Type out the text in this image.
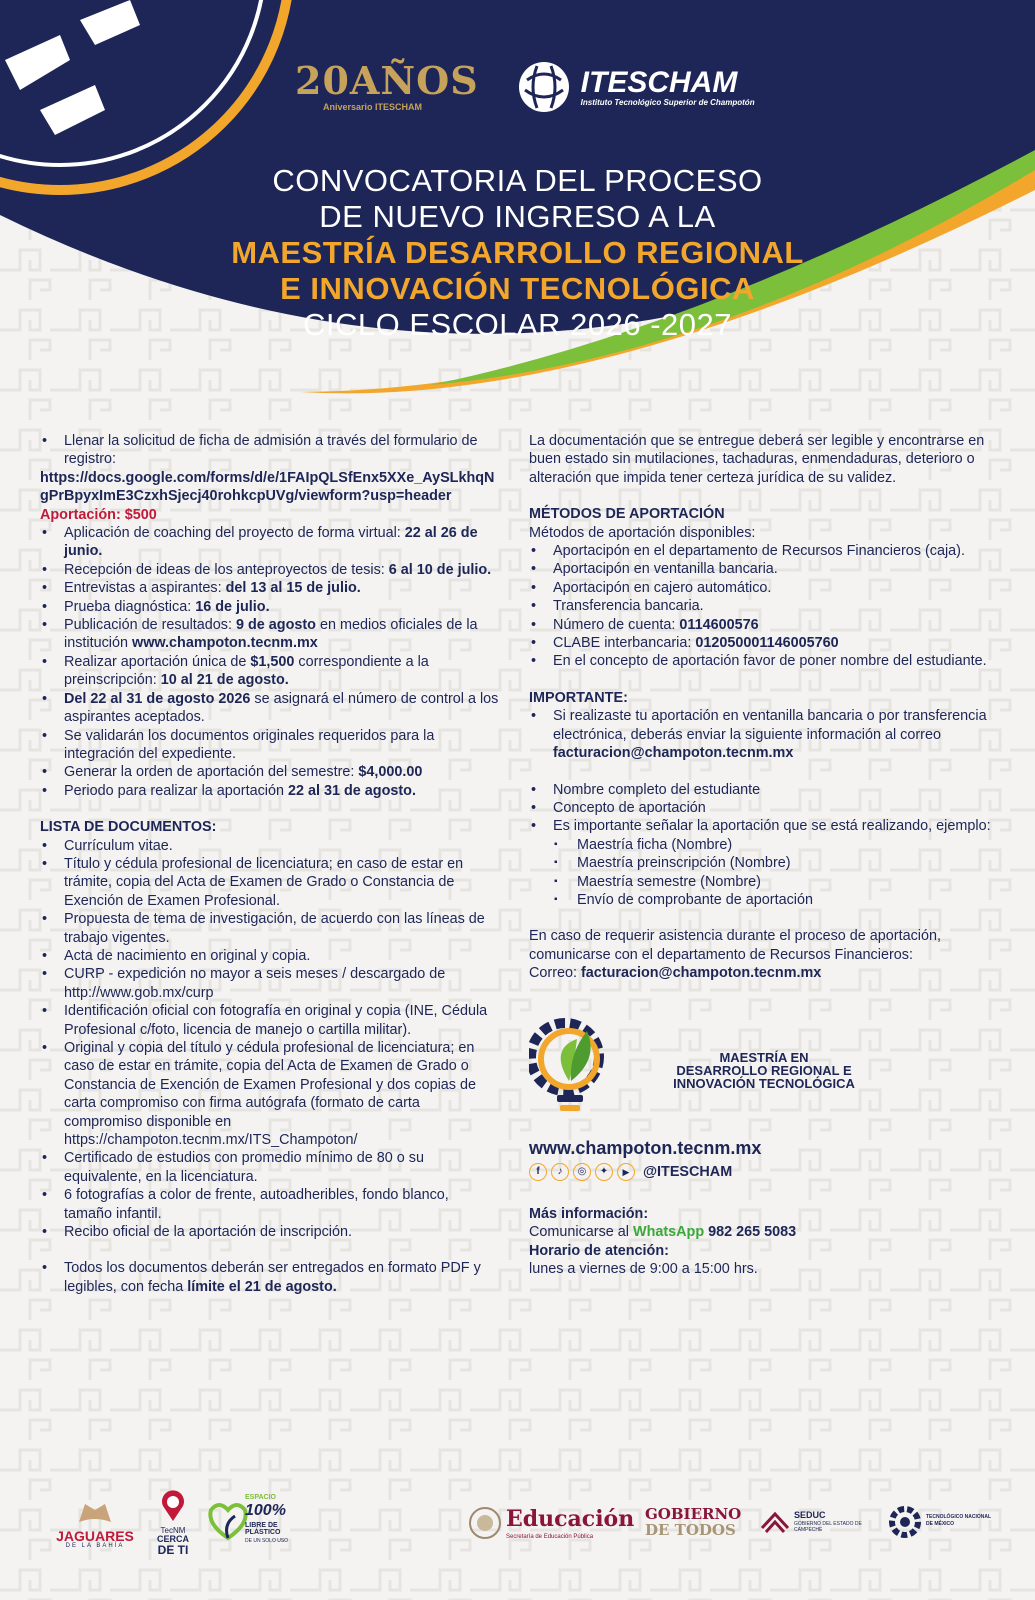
20AÑOS
Aniversario ITESCHAM
ITESCHAM
Instituto Tecnológico Superior de Champotón
CONVOCATORIA DEL PROCESO
DE NUEVO INGRESO A LA
MAESTRÍA DESARROLLO REGIONAL
E INNOVACIÓN TECNOLÓGICA
CICLO ESCOLAR 2026 -2027
• Llenar la solicitud de ficha de admisión a través del formulario de registro:
https://docs.google.com/forms/d/e/1FAIpQLSfEnx5XXe_AySLkhqNgPrBpyxImE3CzxhSjecj40rohkcpUVg/viewform?usp=header
Aportación: $500
• Aplicación de coaching del proyecto de forma virtual: 22 al 26 de junio.
• Recepción de ideas de los anteproyectos de tesis: 6 al 10 de julio.
• Entrevistas a aspirantes: del 13 al 15 de julio.
• Prueba diagnóstica: 16 de julio.
• Publicación de resultados: 9 de agosto en medios oficiales de la institución www.champoton.tecnm.mx
• Realizar aportación única de $1,500 correspondiente a la preinscripción: 10 al 21 de agosto.
• Del 22 al 31 de agosto 2026 se asignará el número de control a los aspirantes aceptados.
• Se validarán los documentos originales requeridos para la integración del expediente.
• Generar la orden de aportación del semestre: $4,000.00
• Periodo para realizar la aportación 22 al 31 de agosto.
LISTA DE DOCUMENTOS:
• Currículum vitae.
• Título y cédula profesional de licenciatura; en caso de estar en trámite, copia del Acta de Examen de Grado o Constancia de Exención de Examen Profesional.
• Propuesta de tema de investigación, de acuerdo con las líneas de trabajo vigentes.
• Acta de nacimiento en original y copia.
• CURP - expedición no mayor a seis meses / descargado de http://www.gob.mx/curp
• Identificación oficial con fotografía en original y copia (INE, Cédula Profesional c/foto, licencia de manejo o cartilla militar).
• Original y copia del título y cédula profesional de licenciatura; en caso de estar en trámite, copia del Acta de Examen de Grado o Constancia de Exención de Examen Profesional y dos copias de carta compromiso con firma autógrafa (formato de carta compromiso disponible en https://champoton.tecnm.mx/ITS_Champoton/
• Certificado de estudios con promedio mínimo de 80 o su equivalente, en la licenciatura.
• 6 fotografías a color de frente, autoadheribles, fondo blanco, tamaño infantil.
• Recibo oficial de la aportación de inscripción.
• Todos los documentos deberán ser entregados en formato PDF y legibles, con fecha límite el 21 de agosto.
La documentación que se entregue deberá ser legible y encontrarse en buen estado sin mutilaciones, tachaduras, enmendaduras, deterioro o alteración que impida tener certeza jurídica de su validez.
MÉTODOS DE APORTACIÓN
Métodos de aportación disponibles:
• Aportacipón en el departamento de Recursos Financieros (caja).
• Aportacipón en ventanilla bancaria.
• Aportacipón en cajero automático.
• Transferencia bancaria.
• Número de cuenta: 0114600576
• CLABE interbancaria: 012050001146005760
• En el concepto de aportación favor de poner nombre del estudiante.
IMPORTANTE:
• Si realizaste tu aportación en ventanilla bancaria o por transferencia electrónica, deberás enviar la siguiente información al correo
facturacion@champoton.tecnm.mx
• Nombre completo del estudiante
• Concepto de aportación
• Es importante señalar la aportación que se está realizando, ejemplo:
▪ Maestría ficha (Nombre)
▪ Maestría preinscripción (Nombre)
▪ Maestría semestre (Nombre)
▪ Envío de comprobante de aportación
En caso de requerir asistencia durante el proceso de aportación, comunicarse con el departamento de Recursos Financieros:
Correo: facturacion@champoton.tecnm.mx
MAESTRÍA EN
DESARROLLO REGIONAL E
INNOVACIÓN TECNOLÓGICA
www.champoton.tecnm.mx
f	♪	◎	✦	▶ @ITESCHAM
Más información:
Comunicarse al WhatsApp 982 265 5083
Horario de atención:
lunes a viernes de 9:00 a 15:00 hrs.
JAGUARES
DE LA BAHÍA
TecNM
CERCA
DE TI
ESPACIO
100%
LIBRE DE PLÁSTICO
DE UN SOLO USO
Educación
Secretaría de Educación Pública
GOBIERNO
DE TODOS
SEDUC
GOBIERNO DEL ESTADO DE CAMPECHE
TECNOLÓGICO NACIONAL DE MÉXICO
